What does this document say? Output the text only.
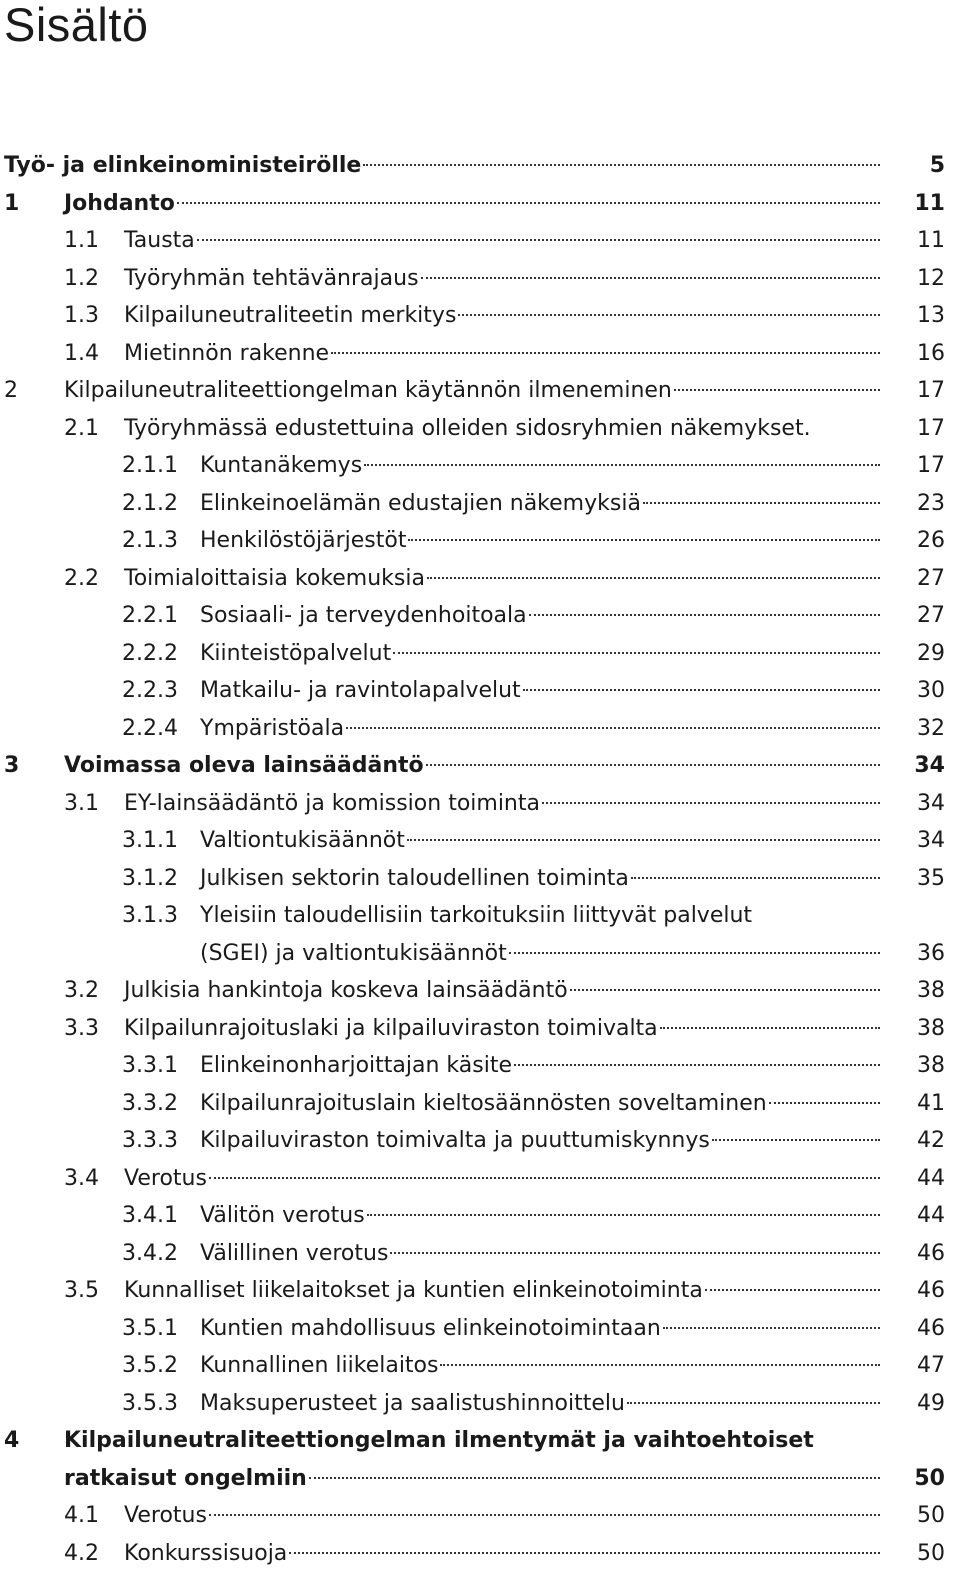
Sisältö
Työ- ja elinkeinoministeirölle	5
1 Johdanto	11
1.1 Tausta	11
1.2 Työryhmän tehtävänrajaus	12
1.3 Kilpailuneutraliteetin merkitys	13
1.4 Mietinnön rakenne	16
2 Kilpailuneutraliteettiongelman käytännön ilmeneminen	17
2.1 Työryhmässä edustettuina olleiden sidosryhmien näkemykset.	17
2.1.1 Kuntanäkemys	17
2.1.2 Elinkeinoelämän edustajien näkemyksiä	23
2.1.3 Henkilöstöjärjestöt	26
2.2 Toimialoittaisia kokemuksia	27
2.2.1 Sosiaali- ja terveydenhoitoala	27
2.2.2 Kiinteistöpalvelut	29
2.2.3 Matkailu- ja ravintolapalvelut	30
2.2.4 Ympäristöala	32
3 Voimassa oleva lainsäädäntö	34
3.1 EY-lainsäädäntö ja komission toiminta	34
3.1.1 Valtiontukisäännöt	34
3.1.2 Julkisen sektorin taloudellinen toiminta	35
3.1.3 Yleisiin taloudellisiin tarkoituksiin liittyvät palvelut
(SGEI) ja valtiontukisäännöt	36
3.2 Julkisia hankintoja koskeva lainsäädäntö	38
3.3 Kilpailunrajoituslaki ja kilpailuviraston toimivalta	38
3.3.1 Elinkeinonharjoittajan käsite	38
3.3.2 Kilpailunrajoituslain kieltosäännösten soveltaminen	41
3.3.3 Kilpailuviraston toimivalta ja puuttumiskynnys	42
3.4 Verotus	44
3.4.1 Välitön verotus	44
3.4.2 Välillinen verotus	46
3.5 Kunnalliset liikelaitokset ja kuntien elinkeinotoiminta	46
3.5.1 Kuntien mahdollisuus elinkeinotoimintaan	46
3.5.2 Kunnallinen liikelaitos	47
3.5.3 Maksuperusteet ja saalistushinnoittelu	49
4 Kilpailuneutraliteettiongelman ilmentymät ja vaihtoehtoiset
ratkaisut ongelmiin	50
4.1 Verotus	50
4.2 Konkurssisuoja	50
